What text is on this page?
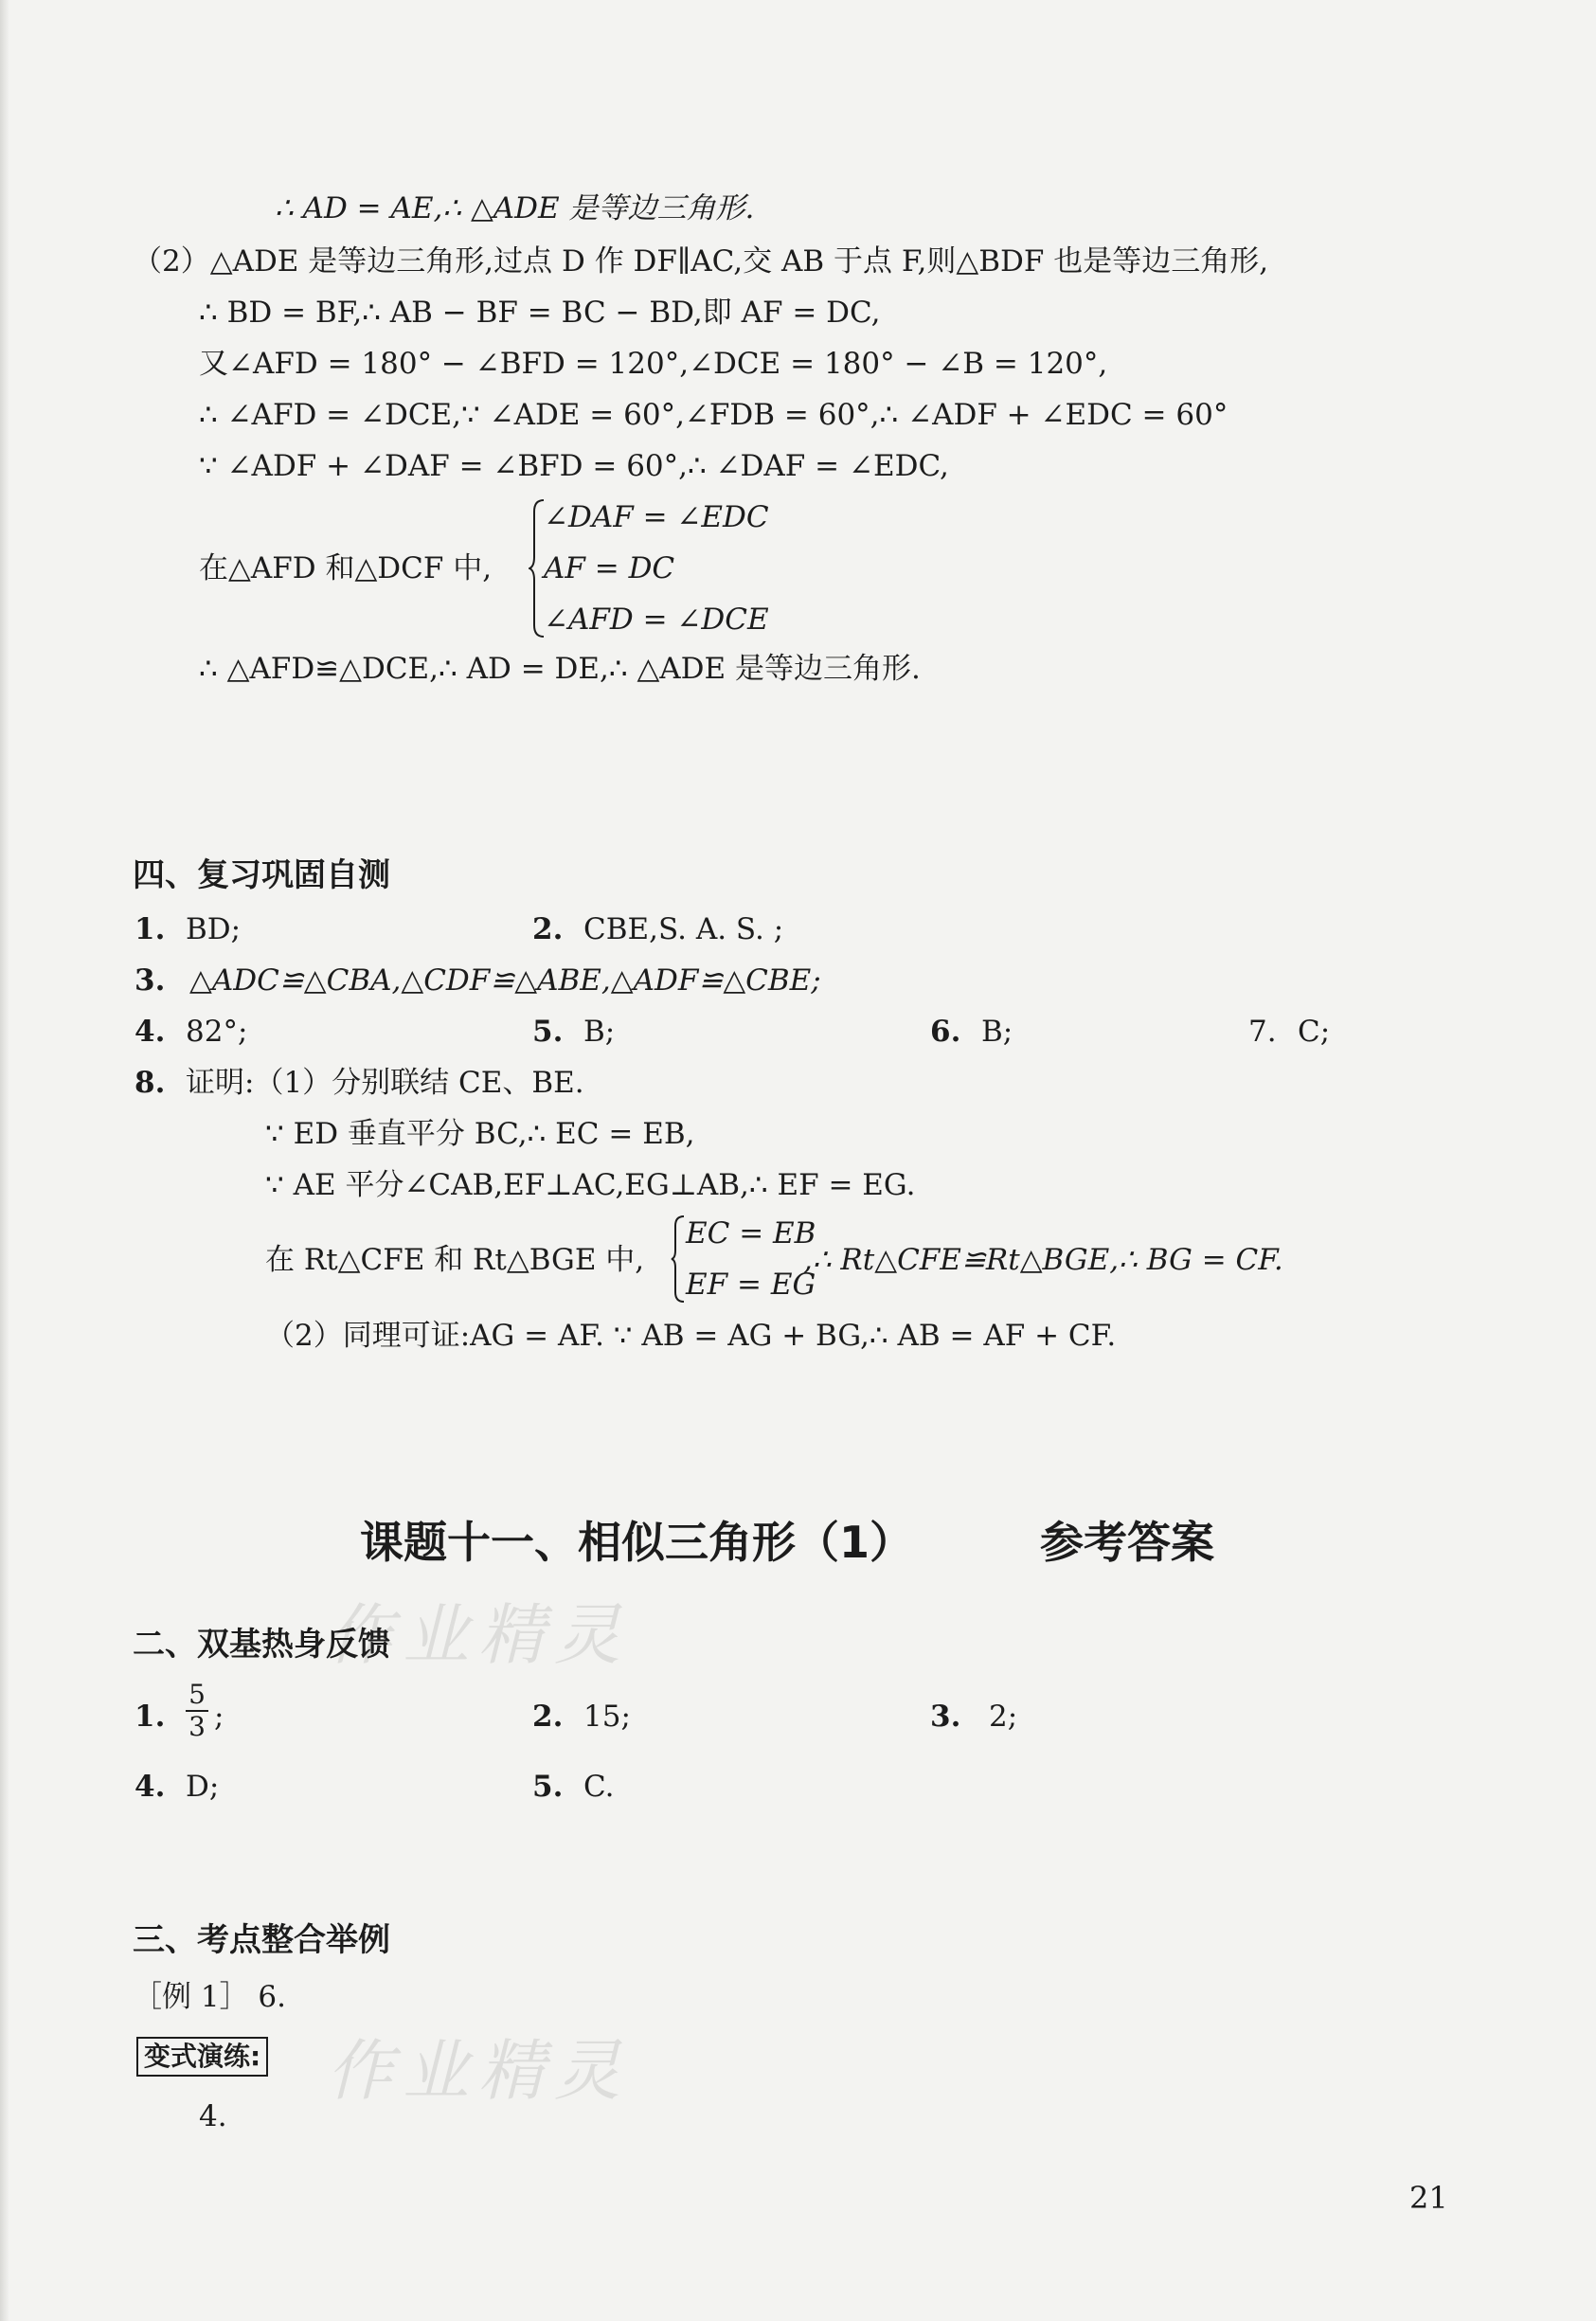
作业精灵
作业精灵
∴ AD = AE,∴ △ADE 是等边三角形.
（2）△ADE 是等边三角形,过点 D 作 DF∥AC,交 AB 于点 F,则△BDF 也是等边三角形,
∴ BD = BF,∴ AB − BF = BC − BD,即 AF = DC,
又∠AFD = 180° − ∠BFD = 120°,∠DCE = 180° − ∠B = 120°,
∴ ∠AFD = ∠DCE,∵ ∠ADE = 60°,∠FDB = 60°,∴ ∠ADF + ∠EDC = 60°
∵ ∠ADF + ∠DAF = ∠BFD = 60°,∴ ∠DAF = ∠EDC,
在△AFD 和△DCF 中,
∠DAF = ∠EDC
AF = DC
∠AFD = ∠DCE
∴ △AFD≌△DCE,∴ AD = DE,∴ △ADE 是等边三角形.
四、复习巩固自测
1. BD;	2. CBE,S. A. S. ;
3. △ADC≌△CBA,△CDF≌△ABE,△ADF≌△CBE;
4. 82°;	5. B;	6. B;	7. C;
8. 证明:（1）分别联结 CE、BE.
∵ ED 垂直平分 BC,∴ EC = EB,
∵ AE 平分∠CAB,EF⊥AC,EG⊥AB,∴ EF = EG.
在 Rt△CFE 和 Rt△BGE 中,
EC = EB
EF = EG
,∴ Rt△CFE≌Rt△BGE,∴ BG = CF.
（2）同理可证:AG = AF. ∵ AB = AG + BG,∴ AB = AF + CF.
课题十一、相似三角形（1）	参考答案
二、双基热身反馈
1.
5
3 ;	2. 15;	3. 2;
4. D;	5. C.
三、考点整合举例
［例 1］ 6.
变式演练:
4.
21
